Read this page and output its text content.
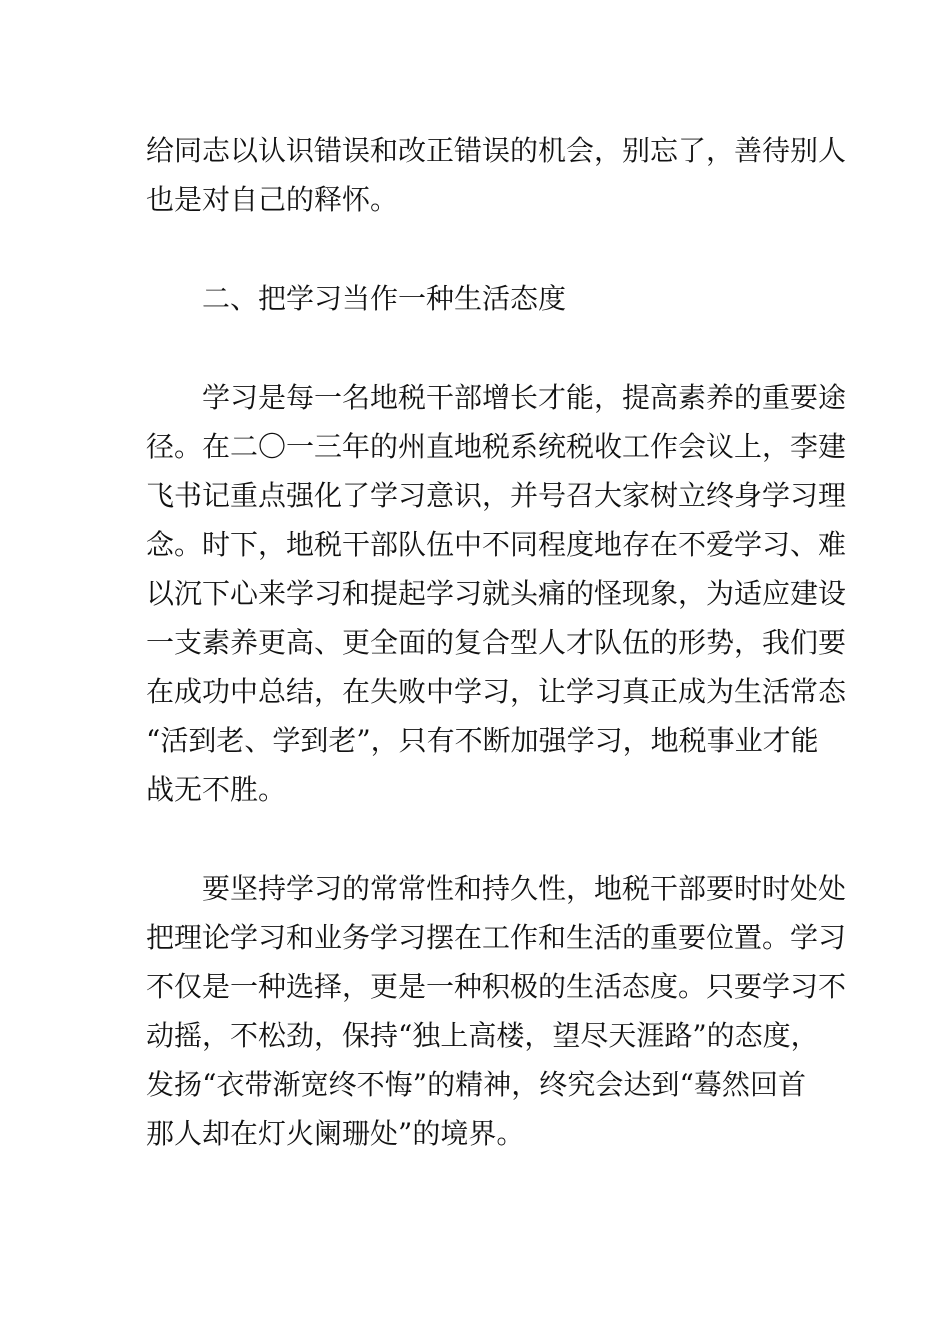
给同志以认识错误和改正错误的机会，别忘了，善待别人
也是对自己的释怀。
二、把学习当作一种生活态度
学习是每一名地税干部增长才能，提高素养的重要途
径。在二〇一三年的州直地税系统税收工作会议上，李建
飞书记重点强化了学习意识，并号召大家树立终身学习理
念。时下，地税干部队伍中不同程度地存在不爱学习、难
以沉下心来学习和提起学习就头痛的怪现象，为适应建设
一支素养更高、更全面的复合型人才队伍的形势，我们要
在成功中总结，在失败中学习，让学习真正成为生活常态
“活到老、学到老”，只有不断加强学习，地税事业才能
战无不胜。
要坚持学习的常常性和持久性，地税干部要时时处处
把理论学习和业务学习摆在工作和生活的重要位置。学习
不仅是一种选择，更是一种积极的生活态度。只要学习不
动摇，不松劲，保持“独上高楼，望尽天涯路”的态度，
发扬“衣带渐宽终不悔”的精神，终究会达到“蓦然回首
那人却在灯火阑珊处”的境界。
